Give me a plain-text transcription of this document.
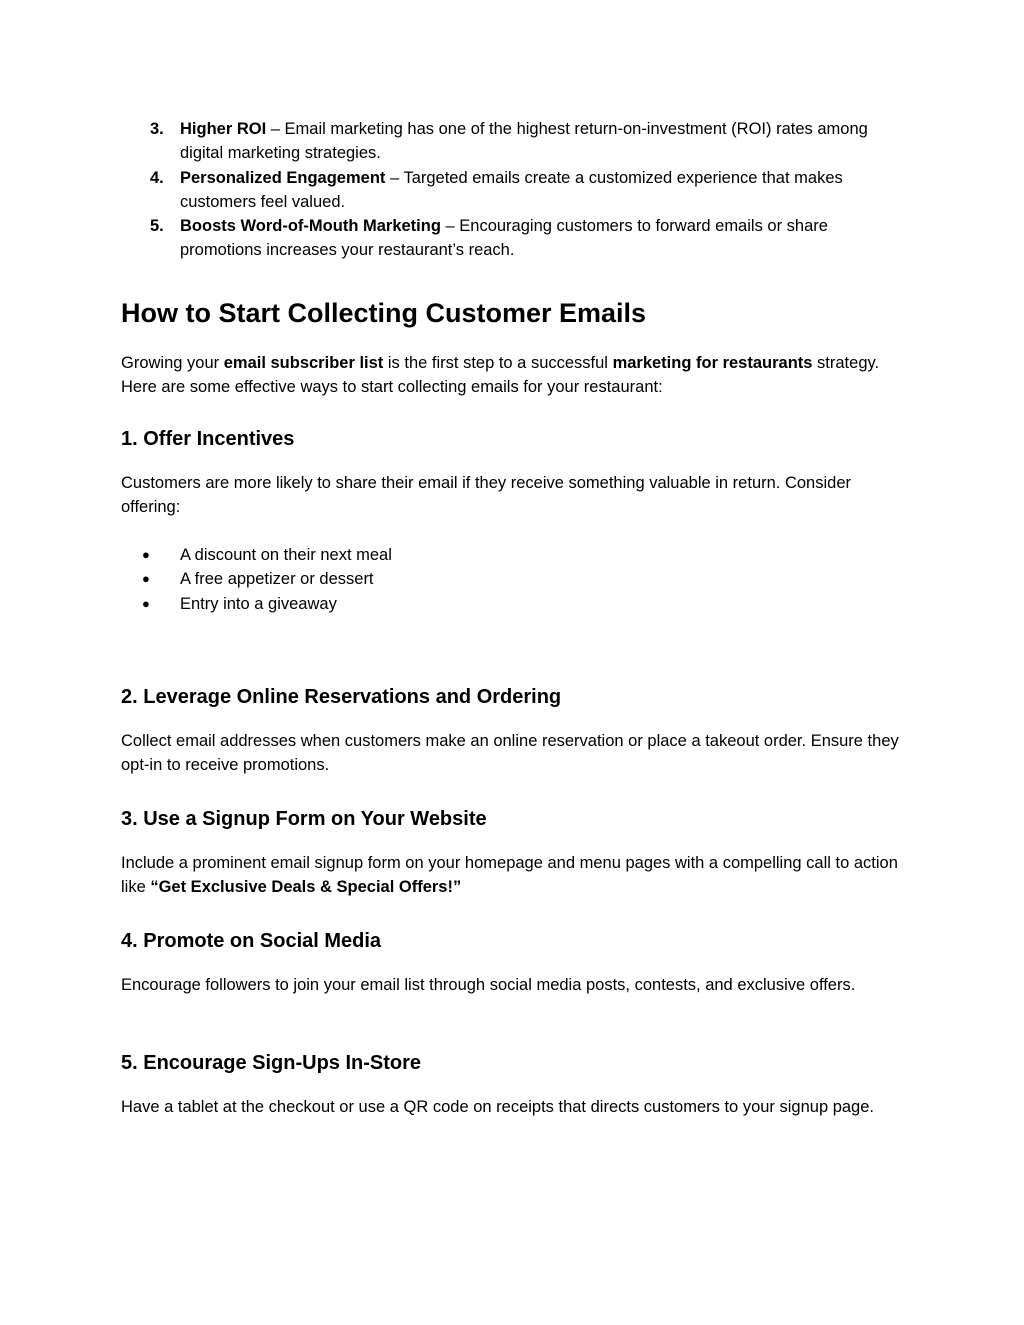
3. Higher ROI – Email marketing has one of the highest return-on-investment (ROI) rates among digital marketing strategies.
4. Personalized Engagement – Targeted emails create a customized experience that makes customers feel valued.
5. Boosts Word-of-Mouth Marketing – Encouraging customers to forward emails or share promotions increases your restaurant’s reach.
How to Start Collecting Customer Emails

Growing your email subscriber list is the first step to a successful marketing for restaurants strategy. Here are some effective ways to start collecting emails for your restaurant:

1. Offer Incentives

Customers are more likely to share their email if they receive something valuable in return. Consider offering:

● A discount on their next meal
● A free appetizer or dessert
● Entry into a giveaway
2. Leverage Online Reservations and Ordering

Collect email addresses when customers make an online reservation or place a takeout order. Ensure they opt-in to receive promotions.

3. Use a Signup Form on Your Website

Include a prominent email signup form on your homepage and menu pages with a compelling call to action like “Get Exclusive Deals & Special Offers!”

4. Promote on Social Media

Encourage followers to join your email list through social media posts, contests, and exclusive offers.

5. Encourage Sign-Ups In-Store

Have a tablet at the checkout or use a QR code on receipts that directs customers to your signup page.
